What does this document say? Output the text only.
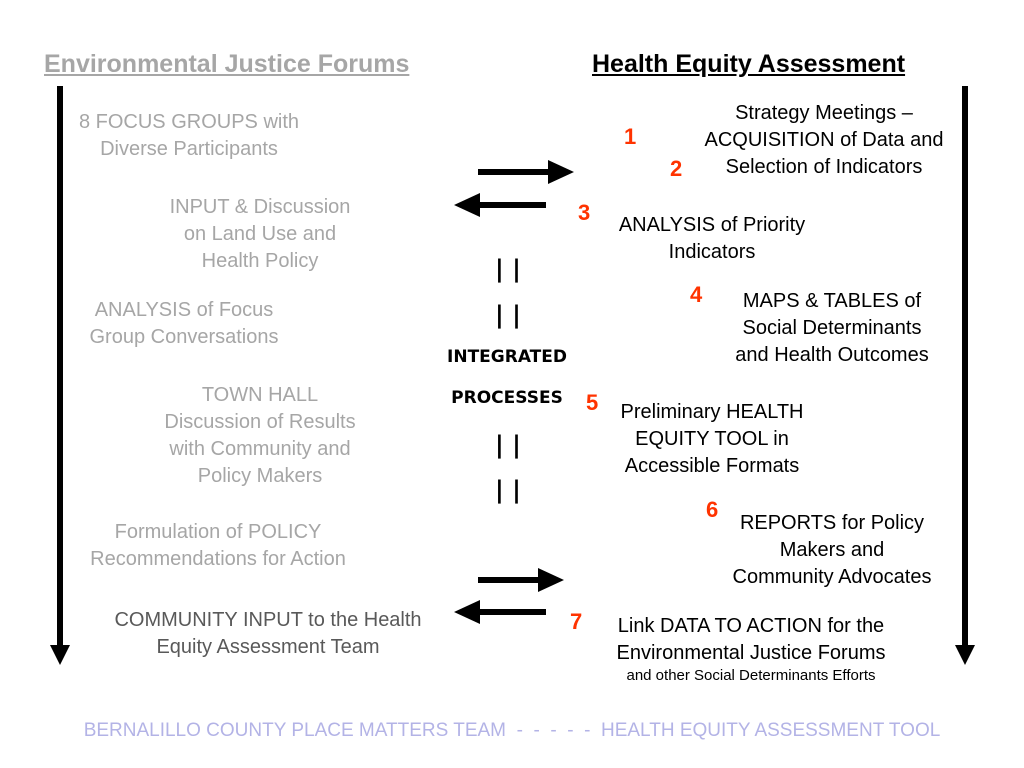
Environmental Justice Forums	Health Equity Assessment
8 FOCUS GROUPS with
Diverse Participants
INPUT & Discussion
on Land Use and
Health Policy
ANALYSIS of Focus
Group Conversations
TOWN HALL
Discussion of Results
with Community and
Policy Makers
Formulation of POLICY
Recommendations for Action
COMMUNITY INPUT to the Health
Equity Assessment Team
| |
| |
INTEGRATED
PROCESSES
| |
| |
1
2
3
4
5
6
7
Strategy Meetings –
ACQUISITION of Data and
Selection of Indicators
ANALYSIS of Priority
Indicators
MAPS & TABLES of
Social Determinants
and Health Outcomes
Preliminary HEALTH
EQUITY TOOL in
Accessible Formats
REPORTS for Policy
Makers and
Community Advocates
Link DATA TO ACTION for the
Environmental Justice Forums
and other Social Determinants Efforts
BERNALILLO COUNTY PLACE MATTERS TEAM  -  -  -  -  -  HEALTH EQUITY ASSESSMENT TOOL
